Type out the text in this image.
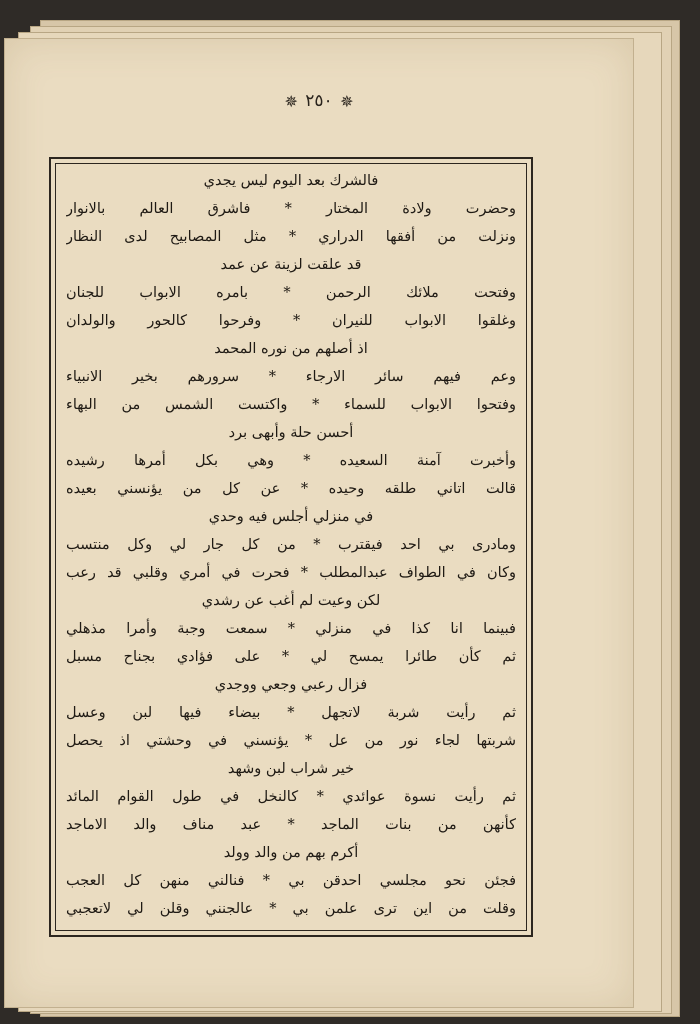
✵ ٢٥٠ ✵
فالشرك بعد اليوم ليس يجدي
وحضرت ولادة المختار * فاشرق العالم بالانوار
ونزلت من أفقها الدراري * مثل المصابيح لدى النظار
قد علقت لزينة عن عمد
وفتحت ملائك الرحمن * بامره الابواب للجنان
وغلقوا الابواب للنيران * وفرحوا كالحور والولدان
اذ أصلهم من نوره المحمد
وعم فيهم سائر الارجاء * سرورهم بخير الانبياء
وفتحوا الابواب للسماء * واكتست الشمس من البهاء
أحسن حلة وأبهى برد
وأخبرت آمنة السعيده * وهي بكل أمرها رشيده
قالت اتاني طلقه وحيده * عن كل من يؤنسني بعيده
في منزلي أجلس فيه وحدي
ومادرى بي احد فيقترب * من كل جار لي وكل منتسب
وكان في الطواف عبدالمطلب * فحرت في أمري وقلبي قد رعب
لكن وعيت لم أغب عن رشدي
فبينما انا كذا في منزلي * سمعت وجبة وأمرا مذهلي
ثم كأن طائرا يمسح لي * على فؤادي بجناح مسبل
فزال رعبي وجعي ووجدي
ثم رأيت شربة لاتجهل * بيضاء فيها لبن وعسل
شربتها لجاء نور من عل * يؤنسني في وحشتي اذ يحصل
خير شراب لبن وشهد
ثم رأيت نسوة عوائدي * كالنخل في طول القوام المائد
كأنهن من بنات الماجد * عبد مناف والد الاماجد
أكرم بهم من والد وولد
فجئن نحو مجلسي احدقن بي * فنالني منهن كل العجب
وقلت من اين ترى علمن بي * عالجنني وقلن لي لاتعجبي
